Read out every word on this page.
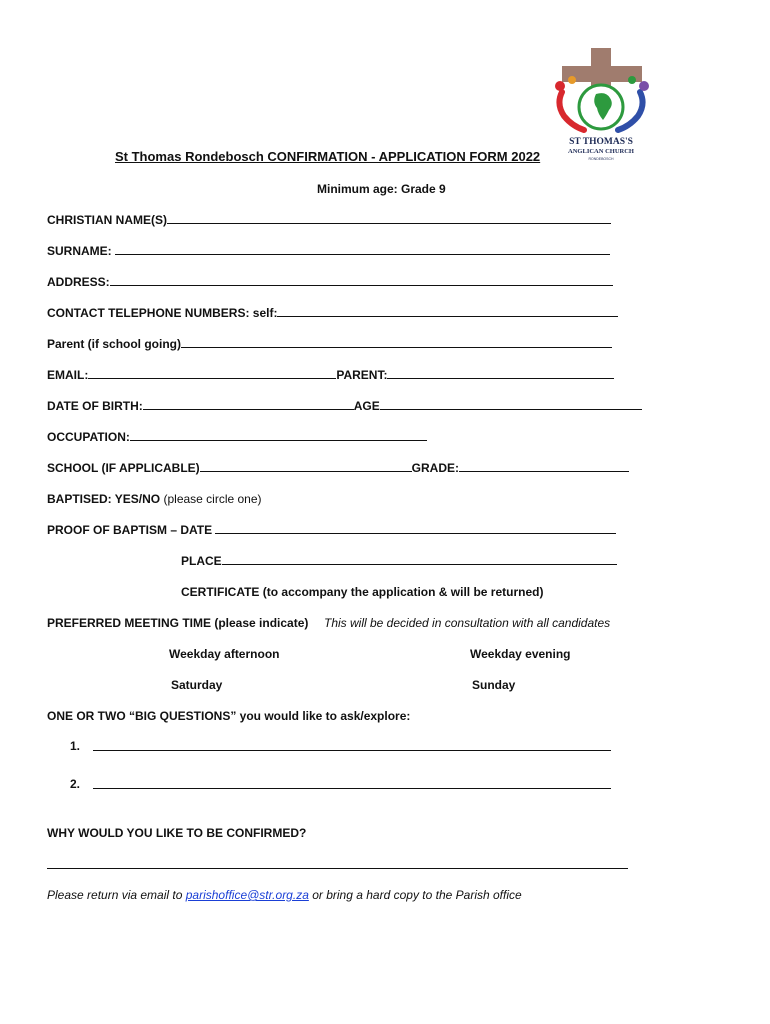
ST THOMAS'S
ANGLICAN CHURCH
RONDEBOSCH
St Thomas Rondebosch CONFIRMATION - APPLICATION FORM 2022
Minimum age: Grade 9
CHRISTIAN NAME(S)
SURNAME:
ADDRESS:
CONTACT TELEPHONE NUMBERS: self:
Parent (if school going)
EMAIL:	PARENT:
DATE OF BIRTH:	AGE
OCCUPATION:
SCHOOL (IF APPLICABLE)	GRADE:
BAPTISED: YES/NO (please circle one)
PROOF OF BAPTISM – DATE
PLACE
CERTIFICATE (to accompany the application & will be returned)
PREFERRED MEETING TIME (please indicate) This will be decided in consultation with all candidates
Weekday afternoon	Weekday evening
Saturday	Sunday
ONE OR TWO “BIG QUESTIONS” you would like to ask/explore:
1.
2.
WHY WOULD YOU LIKE TO BE CONFIRMED?
Please return via email to parishoffice@str.org.za or bring a hard copy to the Parish office
